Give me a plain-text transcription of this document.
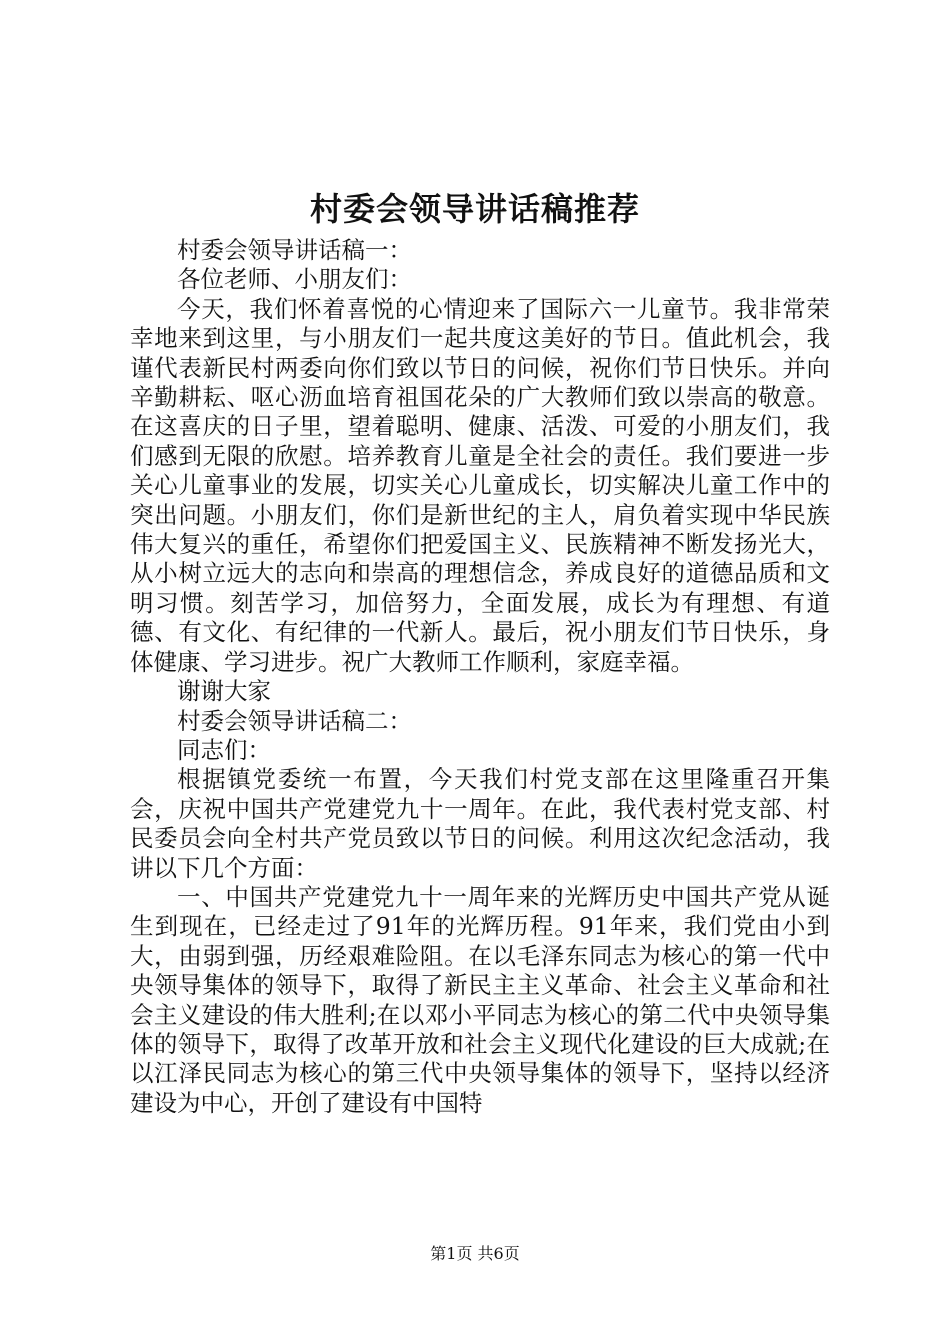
村委会领导讲话稿推荐

村委会领导讲话稿一：

各位老师、小朋友们：

今天，我们怀着喜悦的心情迎来了国际六一儿童节。我非常荣幸地来到这里，与小朋友们一起共度这美好的节日。值此机会，我谨代表新民村两委向你们致以节日的问候，祝你们节日快乐。并向辛勤耕耘、呕心沥血培育祖国花朵的广大教师们致以崇高的敬意。在这喜庆的日子里，望着聪明、健康、活泼、可爱的小朋友们，我们感到无限的欣慰。培养教育儿童是全社会的责任。我们要进一步关心儿童事业的发展，切实关心儿童成长，切实解决儿童工作中的突出问题。小朋友们，你们是新世纪的主人，肩负着实现中华民族伟大复兴的重任，希望你们把爱国主义、民族精神不断发扬光大，从小树立远大的志向和崇高的理想信念，养成良好的道德品质和文明习惯。刻苦学习，加倍努力，全面发展，成长为有理想、有道德、有文化、有纪律的一代新人。最后，祝小朋友们节日快乐，身体健康、学习进步。祝广大教师工作顺利，家庭幸福。

谢谢大家

村委会领导讲话稿二：

同志们：

根据镇党委统一布置，今天我们村党支部在这里隆重召开集会，庆祝中国共产党建党九十一周年。在此，我代表村党支部、村民委员会向全村共产党员致以节日的问候。利用这次纪念活动，我讲以下几个方面：

一、中国共产党建党九十一周年来的光辉历史中国共产党从诞生到现在，已经走过了91年的光辉历程。91年来，我们党由小到大，由弱到强，历经艰难险阻。在以毛泽东同志为核心的第一代中央领导集体的领导下，取得了新民主主义革命、社会主义革命和社会主义建设的伟大胜利;在以邓小平同志为核心的第二代中央领导集体的领导下，取得了改革开放和社会主义现代化建设的巨大成就;在以江泽民同志为核心的第三代中央领导集体的领导下，坚持以经济建设为中心，开创了建设有中国特

第1页 共6页
